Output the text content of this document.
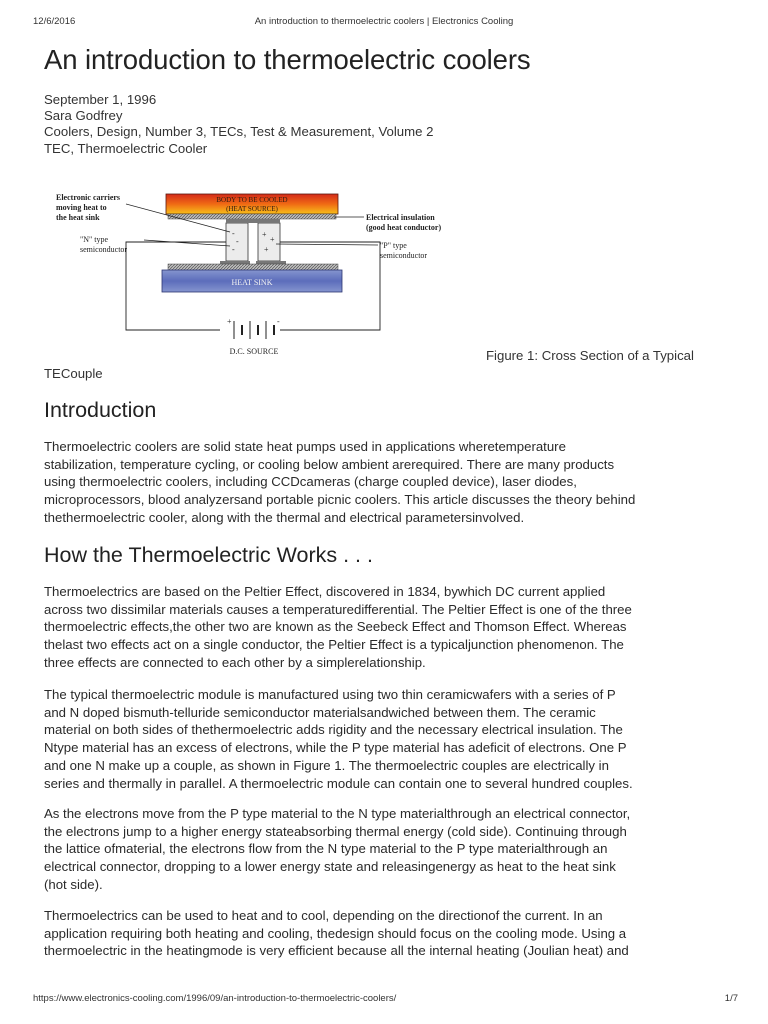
12/6/2016	An introduction to thermoelectric coolers | Electronics Cooling
An introduction to thermoelectric coolers
September 1, 1996
Sara Godfrey
Coolers, Design, Number 3, TECs, Test & Measurement, Volume 2
TEC, Thermoelectric Cooler
BODY TO BE COOLED
(HEAT SOURCE)
-
-
-
+
+
+
HEAT SINK
+	-
D.C. SOURCE
Electronic carriers
moving heat to
the heat sink
"N" type
semiconductor
Electrical insulation
(good heat conductor)
"P" type
semiconductor
Figure 1: Cross Section of a Typical
TECouple
Introduction
Thermoelectric coolers are solid state heat pumps used in applications wheretemperature
stabilization, temperature cycling, or cooling below ambient arerequired. There are many products
using thermoelectric coolers, including CCDcameras (charge coupled device), laser diodes,
microprocessors, blood analyzersand portable picnic coolers. This article discusses the theory behind
thethermoelectric cooler, along with the thermal and electrical parametersinvolved.
How the Thermoelectric Works . . .
Thermoelectrics are based on the Peltier Effect, discovered in 1834, bywhich DC current applied
across two dissimilar materials causes a temperaturedifferential. The Peltier Effect is one of the three
thermoelectric effects,the other two are known as the Seebeck Effect and Thomson Effect. Whereas
thelast two effects act on a single conductor, the Peltier Effect is a typicaljunction phenomenon. The
three effects are connected to each other by a simplerelationship.
The typical thermoelectric module is manufactured using two thin ceramicwafers with a series of P
and N doped bismuth-telluride semiconductor materialsandwiched between them. The ceramic
material on both sides of thethermoelectric adds rigidity and the necessary electrical insulation. The
Ntype material has an excess of electrons, while the P type material has adeficit of electrons. One P
and one N make up a couple, as shown in Figure 1. The thermoelectric couples are electrically in
series and thermally in parallel. A thermoelectric module can contain one to several hundred couples.
As the electrons move from the P type material to the N type materialthrough an electrical connector,
the electrons jump to a higher energy stateabsorbing thermal energy (cold side). Continuing through
the lattice ofmaterial, the electrons flow from the N type material to the P type materialthrough an
electrical connector, dropping to a lower energy state and releasingenergy as heat to the heat sink
(hot side).
Thermoelectrics can be used to heat and to cool, depending on the directionof the current. In an
application requiring both heating and cooling, thedesign should focus on the cooling mode. Using a
thermoelectric in the heatingmode is very efficient because all the internal heating (Joulian heat) and
https://www.electronics-cooling.com/1996/09/an-introduction-to-thermoelectric-coolers/	1/7
